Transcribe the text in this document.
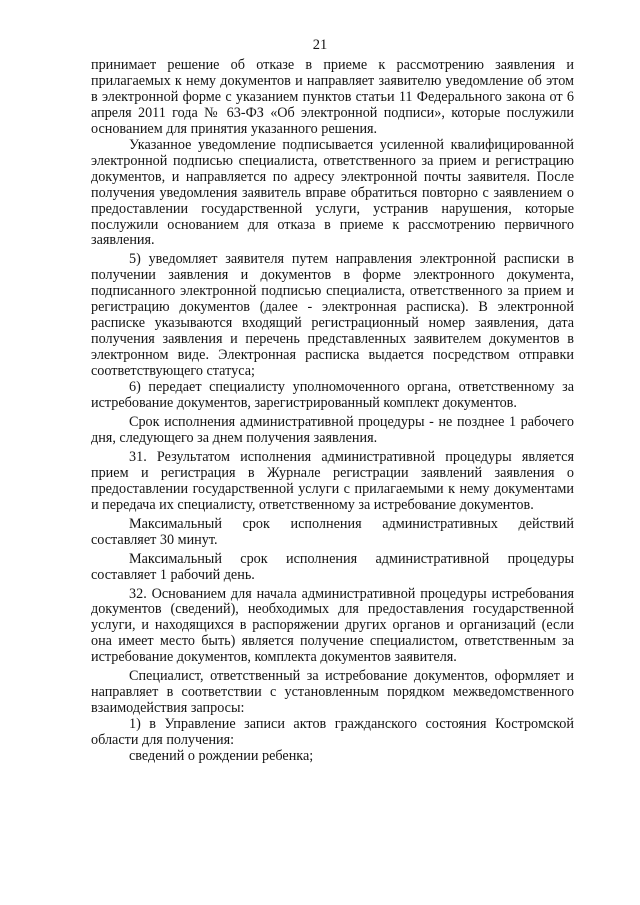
21

принимает решение об отказе в приеме к рассмотрению заявления и прилагаемых к нему документов и направляет заявителю уведомление об этом в электронной форме с указанием пунктов статьи 11 Федерального закона от 6 апреля 2011 года № 63-ФЗ «Об электронной подписи», которые послужили основанием для принятия указанного решения.

Указанное уведомление подписывается усиленной квалифицированной электронной подписью специалиста, ответственного за прием и регистрацию документов, и направляется по адресу электронной почты заявителя. После получения уведомления заявитель вправе обратиться повторно с заявлением о предоставлении государственной услуги, устранив нарушения, которые послужили основанием для отказа в приеме к рассмотрению первичного заявления.

5) уведомляет заявителя путем направления электронной расписки в получении заявления и документов в форме электронного документа, подписанного электронной подписью специалиста, ответственного за прием и регистрацию документов (далее - электронная расписка). В электронной расписке указываются входящий регистрационный номер заявления, дата получения заявления и перечень представленных заявителем документов в электронном виде. Электронная расписка выдается посредством отправки соответствующего статуса;

6) передает специалисту уполномоченного органа, ответственному за истребование документов, зарегистрированный комплект документов.

Срок исполнения административной процедуры - не позднее 1 рабочего дня, следующего за днем получения заявления.

31. Результатом исполнения административной процедуры является прием и регистрация в Журнале регистрации заявлений заявления о предоставлении государственной услуги с прилагаемыми к нему документами и передача их специалисту, ответственному за истребование документов.

Максимальный срок исполнения административных действий составляет 30 минут.

Максимальный срок исполнения административной процедуры составляет 1 рабочий день.

32. Основанием для начала административной процедуры истребования документов (сведений), необходимых для предоставления государственной услуги, и находящихся в распоряжении других органов и организаций (если она имеет место быть) является получение специалистом, ответственным за истребование документов, комплекта документов заявителя.

Специалист, ответственный за истребование документов, оформляет и направляет в соответствии с установленным порядком межведомственного взаимодействия запросы:

1) в Управление записи актов гражданского состояния Костромской области для получения:

сведений о рождении ребенка;
